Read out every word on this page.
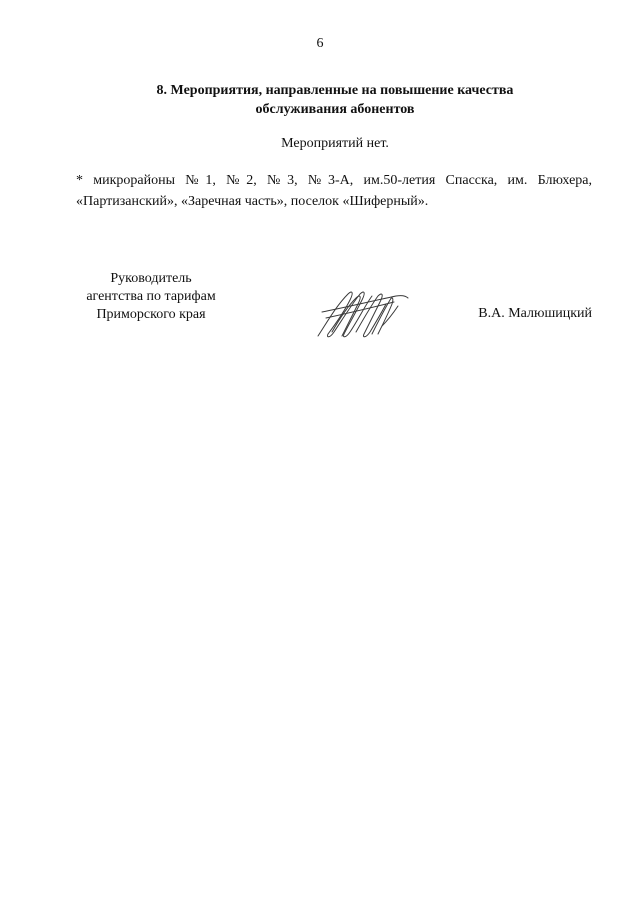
6
8. Мероприятия, направленные на повышение качества
обслуживания абонентов
Мероприятий нет.
* микрорайоны №1, №2, №3, №3-А, им.50-летия Спасска, им. Блюхера,
«Партизанский», «Заречная часть», поселок «Шиферный».
Руководитель
агентства по тарифам
Приморского края	В.А. Малюшицкий
